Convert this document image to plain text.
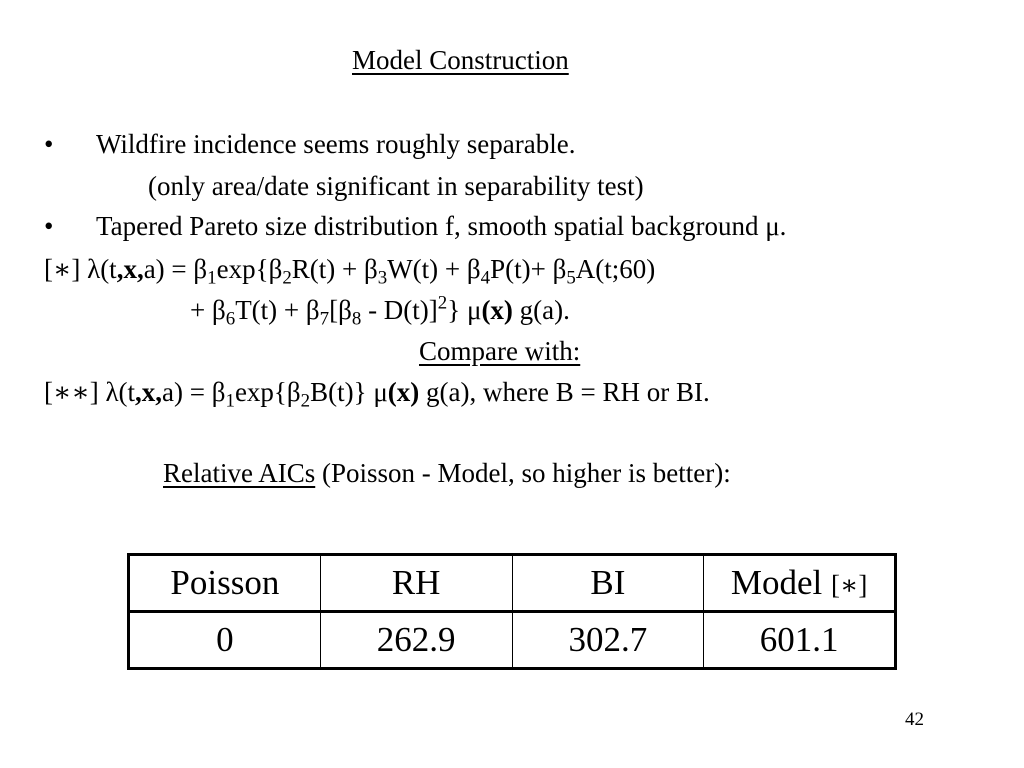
Model Construction
• Wildfire incidence seems roughly separable.
(only area/date significant in separability test)
• Tapered Pareto size distribution f, smooth spatial background μ.
[∗] $\lambda(t,x,a) = \beta_1\exp\{\beta_2R(t) + \beta_3W(t) + \beta_4P(t)+$ $\beta_5A(t;60)$
+ $\beta_6T(t) + \beta_7[\beta_8 - D(t)]^2$} μ(x) g(a).
Compare with:
[∗∗] $\lambda(t,x,a) = \beta_1\exp\{\beta_2B(t)\}$ μ(x) g(a), where B = RH or BI.
Relative AICs (Poisson - Model, so higher is better):
Poisson	RH	BI	Model [∗]
0	262.9	302.7	601.1
42
